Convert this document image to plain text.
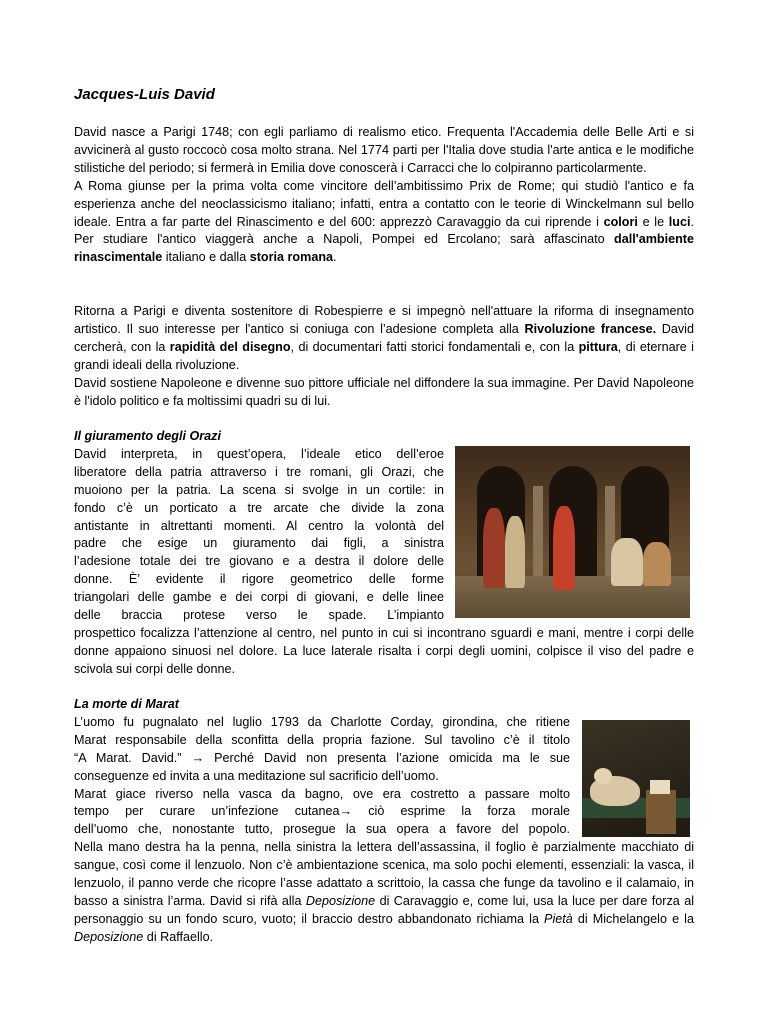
Jacques-Luis David

David nasce a Parigi 1748; con egli parliamo di realismo etico. Frequenta l'Accademia delle Belle Arti e si avvicinerà al gusto roccocò cosa molto strana. Nel 1774 parti per l'Italia dove studia l'arte antica e le modifiche stilistiche del periodo; si fermerà in Emilia dove conoscerà i Carracci che lo colpiranno particolarmente.

A Roma giunse per la prima volta come vincitore dell’ambitissimo Prix de Rome; qui studiò l'antico e fa esperienza anche del neoclassicismo italiano; infatti, entra a contatto con le teorie di Winckelmann sul bello ideale. Entra a far parte del Rinascimento e del 600: apprezzò Caravaggio da cui riprende i colori e le luci. Per studiare l'antico viaggerà anche a Napoli, Pompei ed Ercolano; sarà affascinato dall'ambiente rinascimentale italiano e dalla storia romana.

Ritorna a Parigi e diventa sostenitore di Robespierre e si impegnò nell'attuare la riforma di insegnamento artistico. Il suo interesse per l'antico si coniuga con l’adesione completa alla Rivoluzione francese. David cercherà, con la rapidità del disegno, di documentari fatti storici fondamentali e, con la pittura, di eternare i grandi ideali della rivoluzione.

David sostiene Napoleone e divenne suo pittore ufficiale nel diffondere la sua immagine. Per David Napoleone è l'idolo politico e fa moltissimi quadri su di lui.

Il giuramento degli Orazi

David interpreta, in quest’opera, l’ideale etico dell’eroe
liberatore della patria attraverso i tre romani, gli Orazi, che
muoiono per la patria. La scena si svolge in un cortile: in
fondo c’è un porticato a tre arcate che divide la zona
antistante in altrettanti momenti. Al centro la volontà del
padre che esige un giuramento dai figli, a sinistra
l’adesione totale dei tre giovano e a destra il dolore delle
donne. È’ evidente il rigore geometrico delle forme
triangolari delle gambe e dei corpi di giovani, e delle linee
delle braccia protese verso le spade. L’impianto

prospettico focalizza l’attenzione al centro, nel punto in cui si incontrano sguardi e mani, mentre i corpi delle donne appaiono sinuosi nel dolore. La luce laterale risalta i corpi degli uomini, colpisce il viso del padre e scivola sui corpi delle donne.

La morte di Marat

L’uomo fu pugnalato nel luglio 1793 da Charlotte Corday, girondina, che ritiene
Marat responsabile della sconfitta della propria fazione. Sul tavolino c’è il titolo
“A Marat. David.” → Perché David non presenta l’azione omicida ma le sue
conseguenze ed invita a una meditazione sul sacrificio dell’uomo.
Marat giace riverso nella vasca da bagno, ove era costretto a passare molto
tempo per curare un’infezione cutanea→ ciò esprime la forza morale
dell’uomo che, nonostante tutto, prosegue la sua opera a favore del popolo.

Nella mano destra ha la penna, nella sinistra la lettera dell’assassina, il foglio è parzialmente macchiato di sangue, così come il lenzuolo. Non c’è ambientazione scenica, ma solo pochi elementi, essenziali: la vasca, il lenzuolo, il panno verde che ricopre l’asse adattato a scrittoio, la cassa che funge da tavolino e il calamaio, in basso a sinistra l’arma. David si rifà alla Deposizione di Caravaggio e, come lui, usa la luce per dare forza al personaggio su un fondo scuro, vuoto; il braccio destro abbandonato richiama la Pietà di Michelangelo e la Deposizione di Raffaello.
